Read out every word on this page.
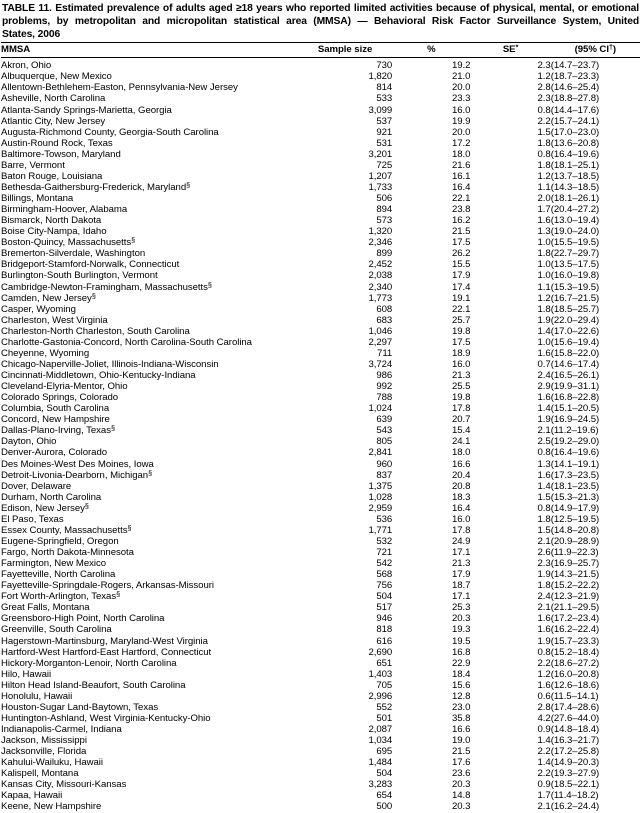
TABLE 11. Estimated prevalence of adults aged ≥18 years who reported limited activities because of physical, mental, or emotional
problems, by metropolitan and micropolitan statistical area (MMSA) — Behavioral Risk Factor Surveillance System, United
States, 2006
MMSA	Sample size	%	SE*	(95% CI†)
Akron, Ohio	730	19.2	2.3	(14.7–23.7)
Albuquerque, New Mexico	1,820	21.0	1.2	(18.7–23.3)
Allentown-Bethlehem-Easton, Pennsylvania-New Jersey	814	20.0	2.8	(14.6–25.4)
Asheville, North Carolina	533	23.3	2.3	(18.8–27.8)
Atlanta-Sandy Springs-Marietta, Georgia	3,099	16.0	0.8	(14.4–17.6)
Atlantic City, New Jersey	537	19.9	2.2	(15.7–24.1)
Augusta-Richmond County, Georgia-South Carolina	921	20.0	1.5	(17.0–23.0)
Austin-Round Rock, Texas	531	17.2	1.8	(13.6–20.8)
Baltimore-Towson, Maryland	3,201	18.0	0.8	(16.4–19.6)
Barre, Vermont	725	21.6	1.8	(18.1–25.1)
Baton Rouge, Louisiana	1,207	16.1	1.2	(13.7–18.5)
Bethesda-Gaithersburg-Frederick, Maryland§	1,733	16.4	1.1	(14.3–18.5)
Billings, Montana	506	22.1	2.0	(18.1–26.1)
Birmingham-Hoover, Alabama	894	23.8	1.7	(20.4–27.2)
Bismarck, North Dakota	573	16.2	1.6	(13.0–19.4)
Boise City-Nampa, Idaho	1,320	21.5	1.3	(19.0–24.0)
Boston-Quincy, Massachusetts§	2,346	17.5	1.0	(15.5–19.5)
Bremerton-Silverdale, Washington	899	26.2	1.8	(22.7–29.7)
Bridgeport-Stamford-Norwalk, Connecticut	2,452	15.5	1.0	(13.5–17.5)
Burlington-South Burlington, Vermont	2,038	17.9	1.0	(16.0–19.8)
Cambridge-Newton-Framingham, Massachusetts§	2,340	17.4	1.1	(15.3–19.5)
Camden, New Jersey§	1,773	19.1	1.2	(16.7–21.5)
Casper, Wyoming	608	22.1	1.8	(18.5–25.7)
Charleston, West Virginia	683	25.7	1.9	(22.0–29.4)
Charleston-North Charleston, South Carolina	1,046	19.8	1.4	(17.0–22.6)
Charlotte-Gastonia-Concord, North Carolina-South Carolina	2,297	17.5	1.0	(15.6–19.4)
Cheyenne, Wyoming	711	18.9	1.6	(15.8–22.0)
Chicago-Naperville-Joliet, Illinois-Indiana-Wisconsin	3,724	16.0	0.7	(14.6–17.4)
Cincinnati-Middletown, Ohio-Kentucky-Indiana	986	21.3	2.4	(16.5–26.1)
Cleveland-Elyria-Mentor, Ohio	992	25.5	2.9	(19.9–31.1)
Colorado Springs, Colorado	788	19.8	1.6	(16.8–22.8)
Columbia, South Carolina	1,024	17.8	1.4	(15.1–20.5)
Concord, New Hampshire	639	20.7	1.9	(16.9–24.5)
Dallas-Plano-Irving, Texas§	543	15.4	2.1	(11.2–19.6)
Dayton, Ohio	805	24.1	2.5	(19.2–29.0)
Denver-Aurora, Colorado	2,841	18.0	0.8	(16.4–19.6)
Des Moines-West Des Moines, Iowa	960	16.6	1.3	(14.1–19.1)
Detroit-Livonia-Dearborn, Michigan§	837	20.4	1.6	(17.3–23.5)
Dover, Delaware	1,375	20.8	1.4	(18.1–23.5)
Durham, North Carolina	1,028	18.3	1.5	(15.3–21.3)
Edison, New Jersey§	2,959	16.4	0.8	(14.9–17.9)
El Paso, Texas	536	16.0	1.8	(12.5–19.5)
Essex County, Massachusetts§	1,771	17.8	1.5	(14.8–20.8)
Eugene-Springfield, Oregon	532	24.9	2.1	(20.9–28.9)
Fargo, North Dakota-Minnesota	721	17.1	2.6	(11.9–22.3)
Farmington, New Mexico	542	21.3	2.3	(16.9–25.7)
Fayetteville, North Carolina	568	17.9	1.9	(14.3–21.5)
Fayetteville-Springdale-Rogers, Arkansas-Missouri	756	18.7	1.8	(15.2–22.2)
Fort Worth-Arlington, Texas§	504	17.1	2.4	(12.3–21.9)
Great Falls, Montana	517	25.3	2.1	(21.1–29.5)
Greensboro-High Point, North Carolina	946	20.3	1.6	(17.2–23.4)
Greenville, South Carolina	818	19.3	1.6	(16.2–22.4)
Hagerstown-Martinsburg, Maryland-West Virginia	616	19.5	1.9	(15.7–23.3)
Hartford-West Hartford-East Hartford, Connecticut	2,690	16.8	0.8	(15.2–18.4)
Hickory-Morganton-Lenoir, North Carolina	651	22.9	2.2	(18.6–27.2)
Hilo, Hawaii	1,403	18.4	1.2	(16.0–20.8)
Hilton Head Island-Beaufort, South Carolina	705	15.6	1.6	(12.6–18.6)
Honolulu, Hawaii	2,996	12.8	0.6	(11.5–14.1)
Houston-Sugar Land-Baytown, Texas	552	23.0	2.8	(17.4–28.6)
Huntington-Ashland, West Virginia-Kentucky-Ohio	501	35.8	4.2	(27.6–44.0)
Indianapolis-Carmel, Indiana	2,087	16.6	0.9	(14.8–18.4)
Jackson, Mississippi	1,034	19.0	1.4	(16.3–21.7)
Jacksonville, Florida	695	21.5	2.2	(17.2–25.8)
Kahului-Wailuku, Hawaii	1,484	17.6	1.4	(14.9–20.3)
Kalispell, Montana	504	23.6	2.2	(19.3–27.9)
Kansas City, Missouri-Kansas	3,283	20.3	0.9	(18.5–22.1)
Kapaa, Hawaii	654	14.8	1.7	(11.4–18.2)
Keene, New Hampshire	500	20.3	2.1	(16.2–24.4)
